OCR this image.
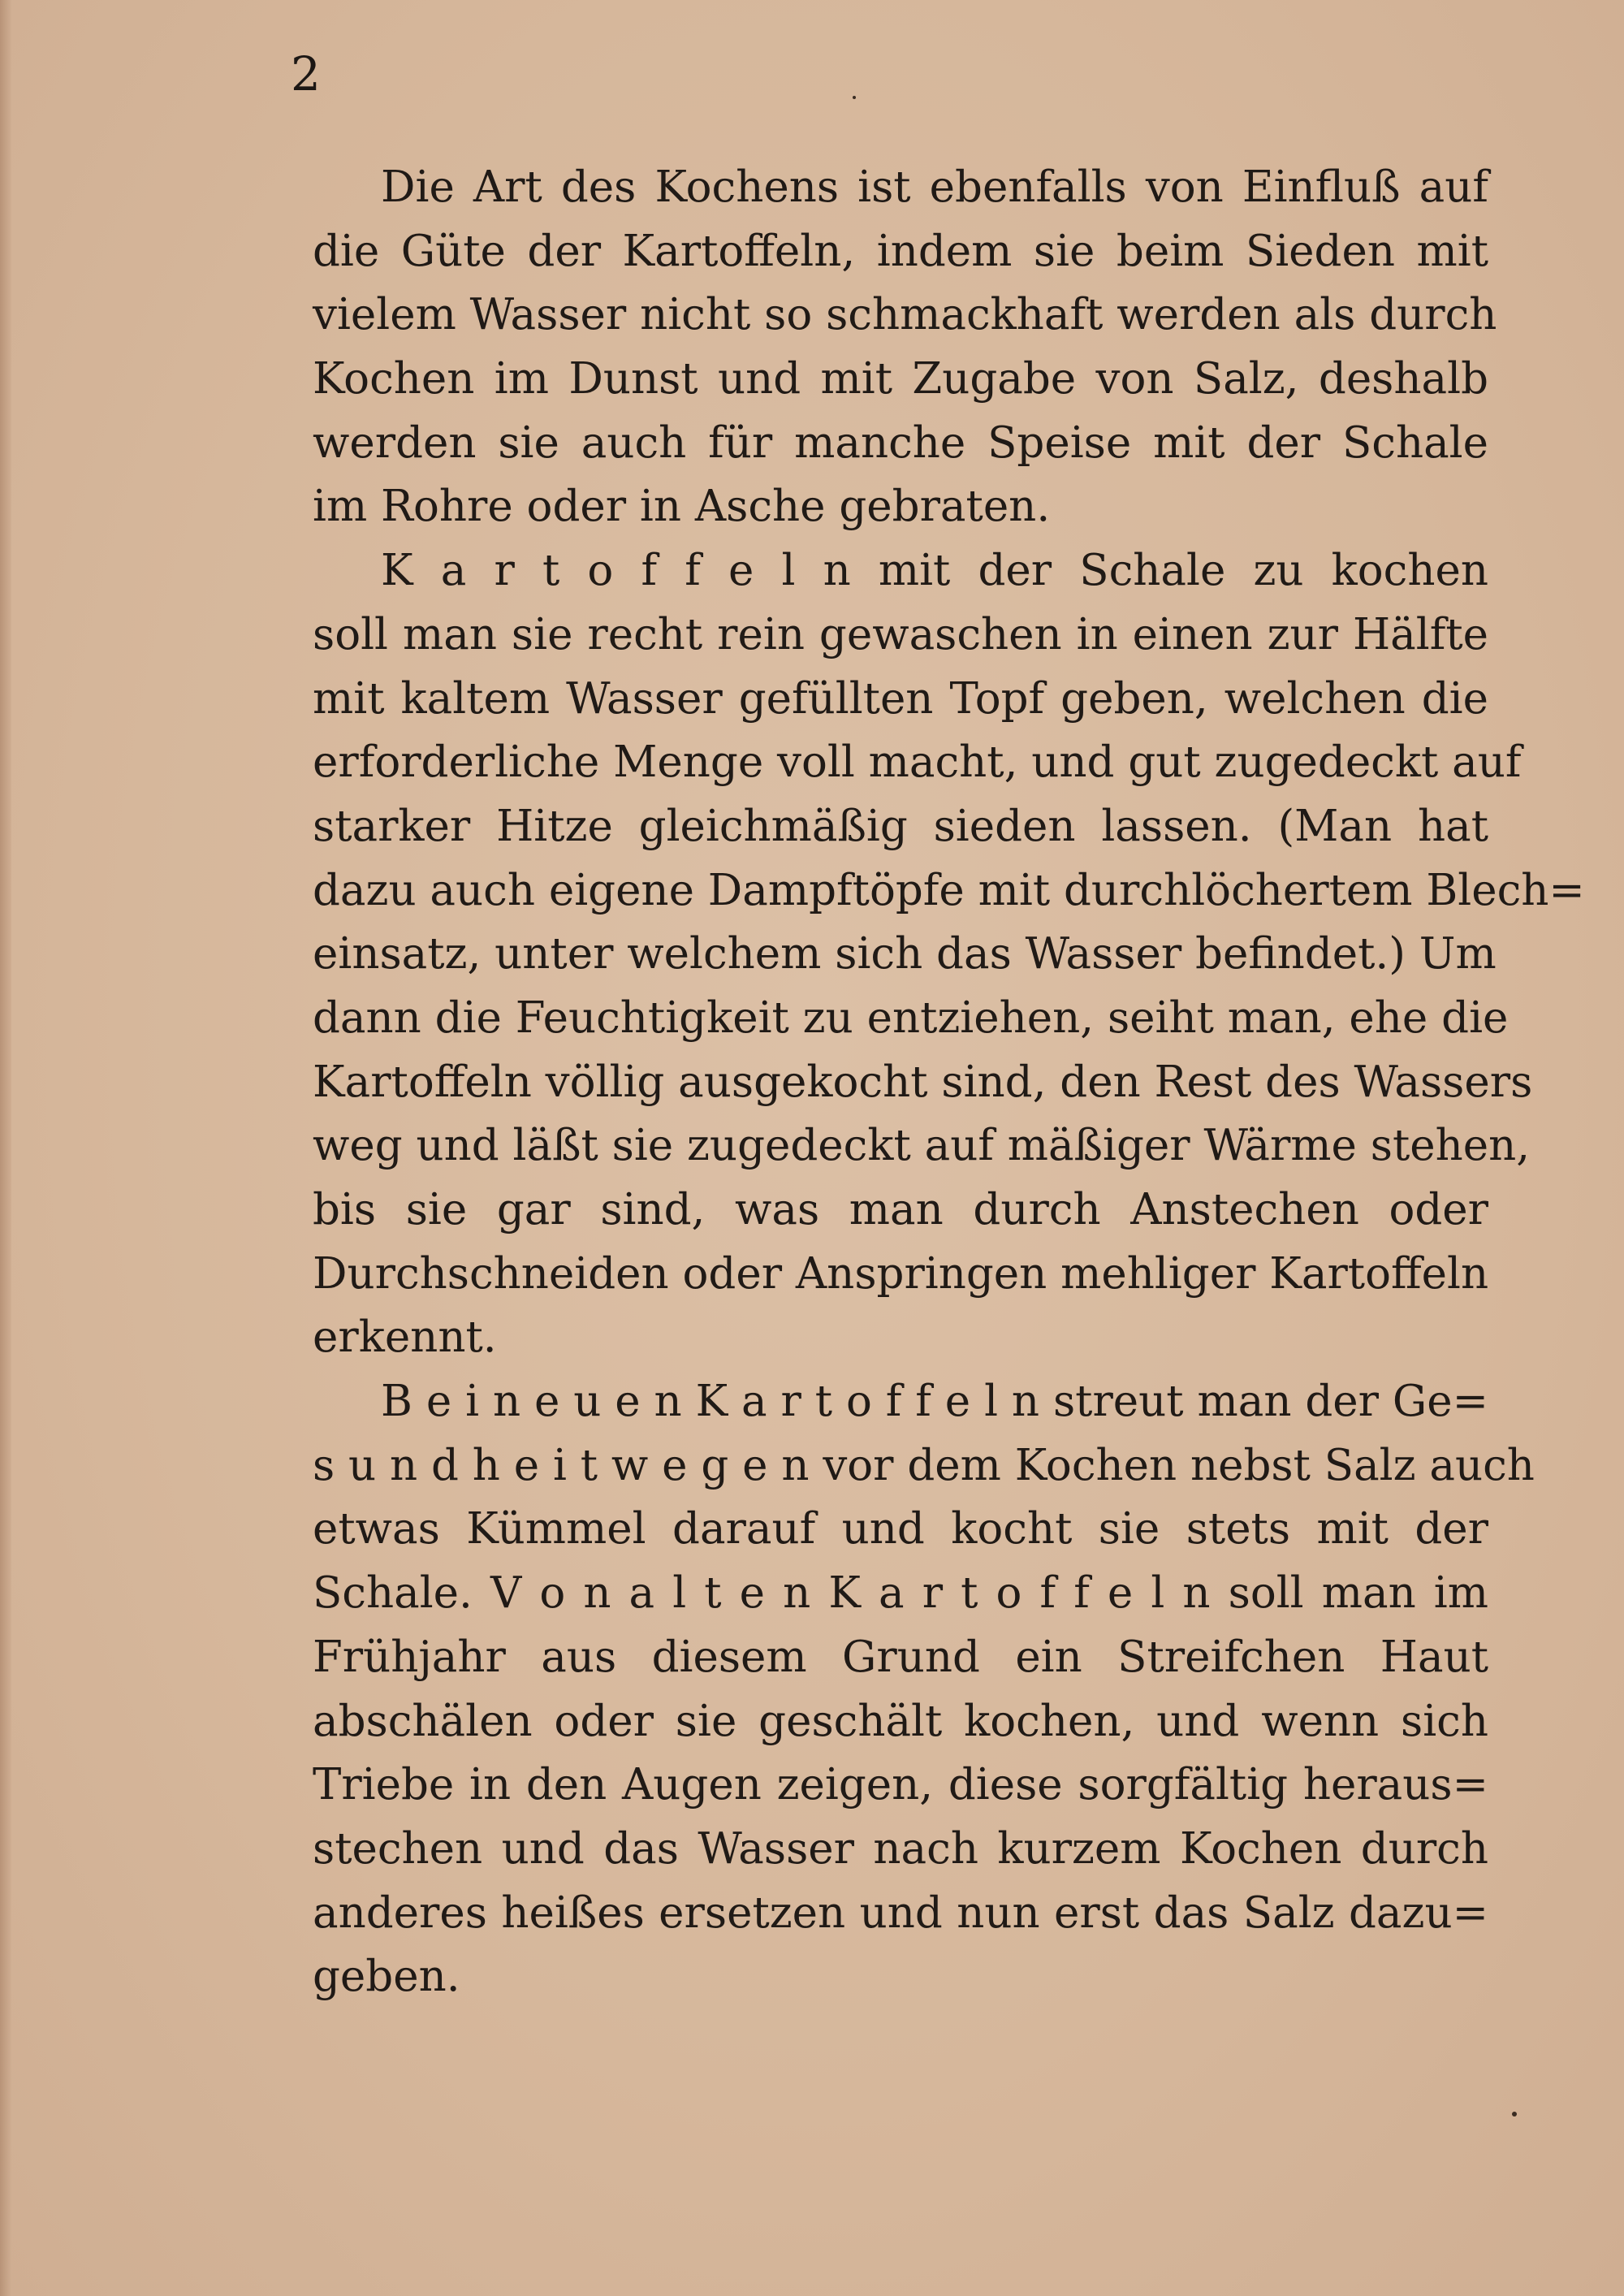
2
Die Art des Kochens ist ebenfalls von Einfluß auf
die Güte der Kartoffeln, indem sie beim Sieden mit
vielem Wasser nicht so schmackhaft werden als durch
Kochen im Dunst und mit Zugabe von Salz, deshalb
werden sie auch für manche Speise mit der Schale
im Rohre oder in Asche gebraten.
K a r t o f f e l n mit der Schale zu kochen
soll man sie recht rein gewaschen in einen zur Hälfte
mit kaltem Wasser gefüllten Topf geben, welchen die
erforderliche Menge voll macht, und gut zugedeckt auf
starker Hitze gleichmäßig sieden lassen. (Man hat
dazu auch eigene Dampftöpfe mit durchlöchertem Blech=
einsatz, unter welchem sich das Wasser befindet.) Um
dann die Feuchtigkeit zu entziehen, seiht man, ehe die
Kartoffeln völlig ausgekocht sind, den Rest des Wassers
weg und läßt sie zugedeckt auf mäßiger Wärme stehen,
bis sie gar sind, was man durch Anstechen oder
Durchschneiden oder Anspringen mehliger Kartoffeln
erkennt.
B e i n e u e n K a r t o f f e l n streut man der Ge=
s u n d h e i t w e g e n vor dem Kochen nebst Salz auch
etwas Kümmel darauf und kocht sie stets mit der
Schale. V o n a l t e n K a r t o f f e l n soll man im
Frühjahr aus diesem Grund ein Streifchen Haut
abschälen oder sie geschält kochen, und wenn sich
Triebe in den Augen zeigen, diese sorgfältig heraus=
stechen und das Wasser nach kurzem Kochen durch
anderes heißes ersetzen und nun erst das Salz dazu=
geben.
